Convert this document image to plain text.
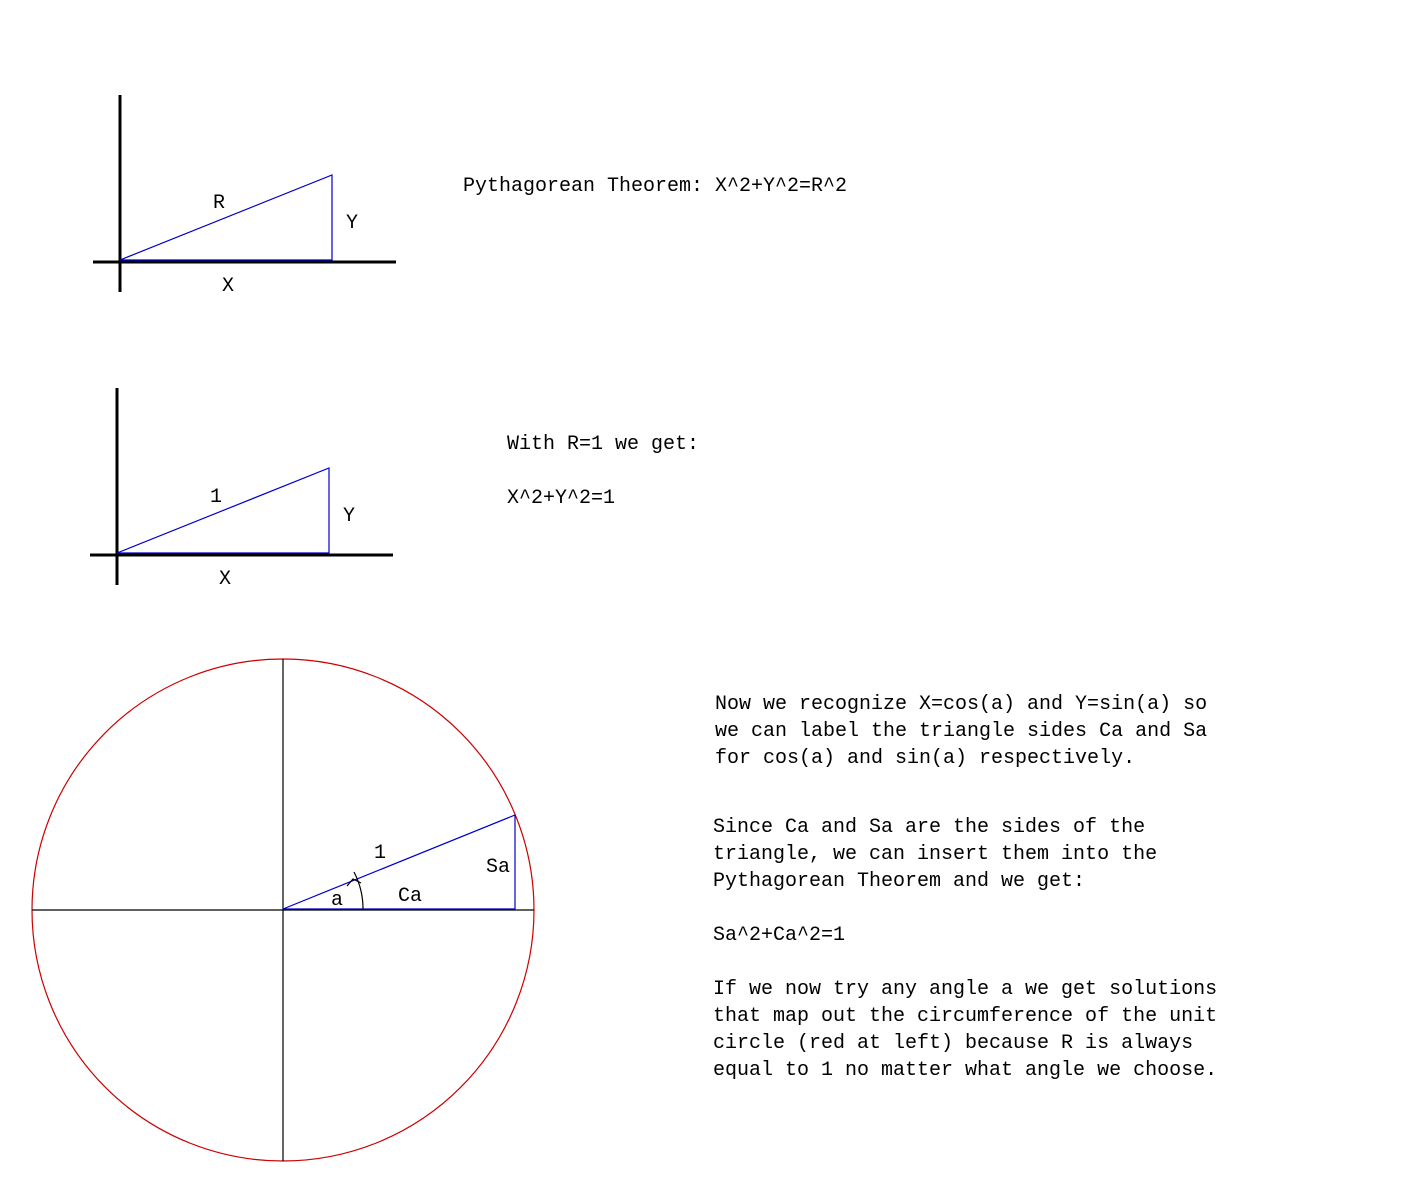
R
Y
X
1
Y
X
1
Sa
Ca
a

Pythagorean Theorem: X^2+Y^2=R^2

With R=1 we get:

X^2+Y^2=1

Now we recognize X=cos(a) and Y=sin(a) so

we can label the triangle sides Ca and Sa

for cos(a) and sin(a) respectively.

Since Ca and Sa are the sides of the

triangle, we can insert them into the

Pythagorean Theorem and we get:

Sa^2+Ca^2=1

If we now try any angle a we get solutions

that map out the circumference of the unit

circle (red at left) because R is always

equal to 1 no matter what angle we choose.
